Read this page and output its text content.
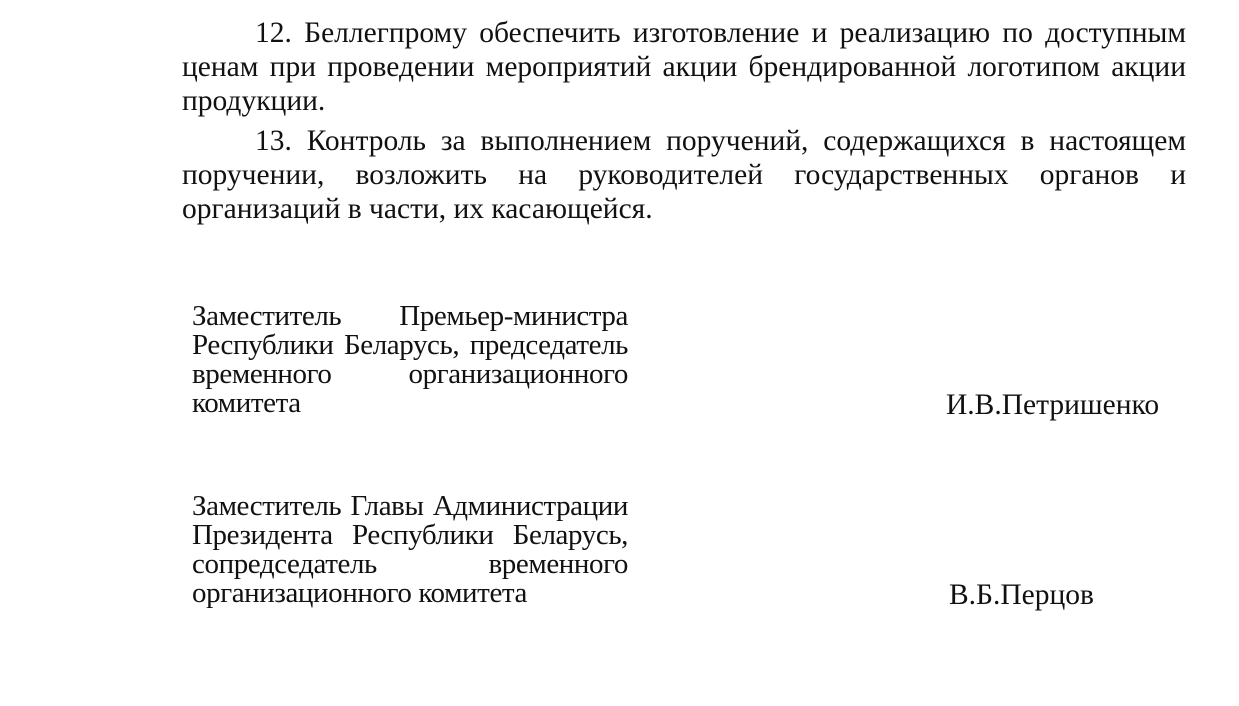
12. Беллегпрому обеспечить изготовление и реализацию по доступным ценам при проведении мероприятий акции брендированной логотипом акции продукции.

13. Контроль за выполнением поручений, содержащихся в настоящем поручении, возложить на руководителей государственных органов и организаций в части, их касающейся.

Заместитель Премьер-министра Республики Беларусь, председатель временного организационного комитета	И.В.Петришенко
Заместитель Главы Администрации Президента Республики Беларусь, сопредседатель временного организационного комитета	В.Б.Перцов
